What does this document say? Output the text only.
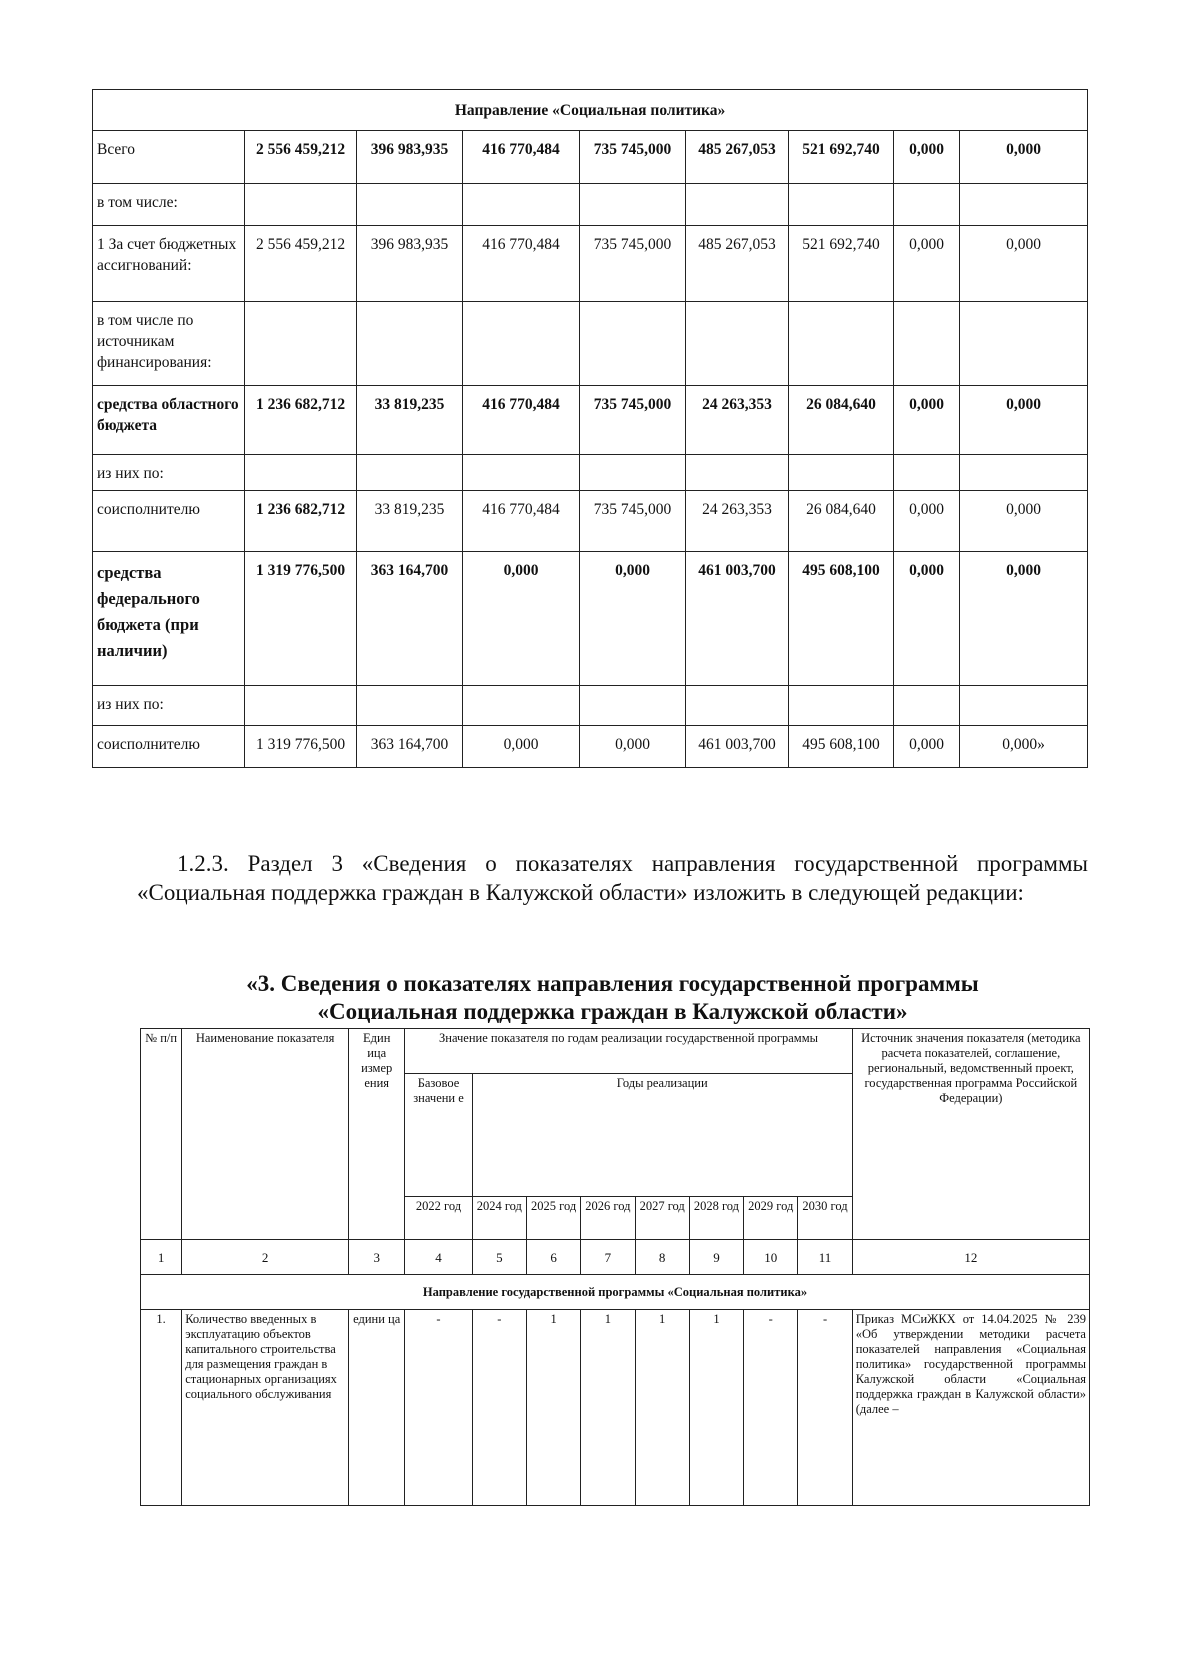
Направление «Социальная политика»								
Всего	2 556 459,212	396 983,935	416 770,484	735 745,000	485 267,053	521 692,740	0,000	0,000
в том числе:								
1 За счет бюджетных ассигнований:	2 556 459,212	396 983,935	416 770,484	735 745,000	485 267,053	521 692,740	0,000	0,000
в том числе по источникам финансирования:								
средства областного бюджета	1 236 682,712	33 819,235	416 770,484	735 745,000	24 263,353	26 084,640	0,000	0,000
из них по:								
соисполнителю	1 236 682,712	33 819,235	416 770,484	735 745,000	24 263,353	26 084,640	0,000	0,000
средства федерального бюджета (при наличии)	1 319 776,500	363 164,700	0,000	0,000	461 003,700	495 608,100	0,000	0,000
из них по:								
соисполнителю	1 319 776,500	363 164,700	0,000	0,000	461 003,700	495 608,100	0,000	0,000»
1.2.3. Раздел 3 «Сведения о показателях направления государственной программы «Социальная поддержка граждан в Калужской области» изложить в следующей редакции:
«3. Сведения о показателях направления государственной программы
«Социальная поддержка граждан в Калужской области»
№ п/п	Наименование показателя	Един ица измер ения	Значение показателя по годам реализации государственной программы								Источник значения показателя (методика расчета показателей, соглашение, региональный, ведомственный проект, государственная программа Российской Федерации)
			Базовое значени е	Годы реализации							

			2022 год	2024 год	2025 год	2026 год	2027 год	2028 год	2029 год	2030 год	
1	2	3	4	5	6	7	8	9	10	11	12
Направление государственной программы «Социальная политика»											
1.	Количество введенных в эксплуатацию объектов капитального строительства для размещения граждан в стационарных организациях социального обслуживания	едини ца	-	-	1	1	1	1	-	-	Приказ МСиЖКХ от 14.04.2025 № 239 «Об утверждении методики расчета показателей направления «Социальная политика» государственной программы Калужской области «Социальная поддержка граждан в Калужской области» (далее –
